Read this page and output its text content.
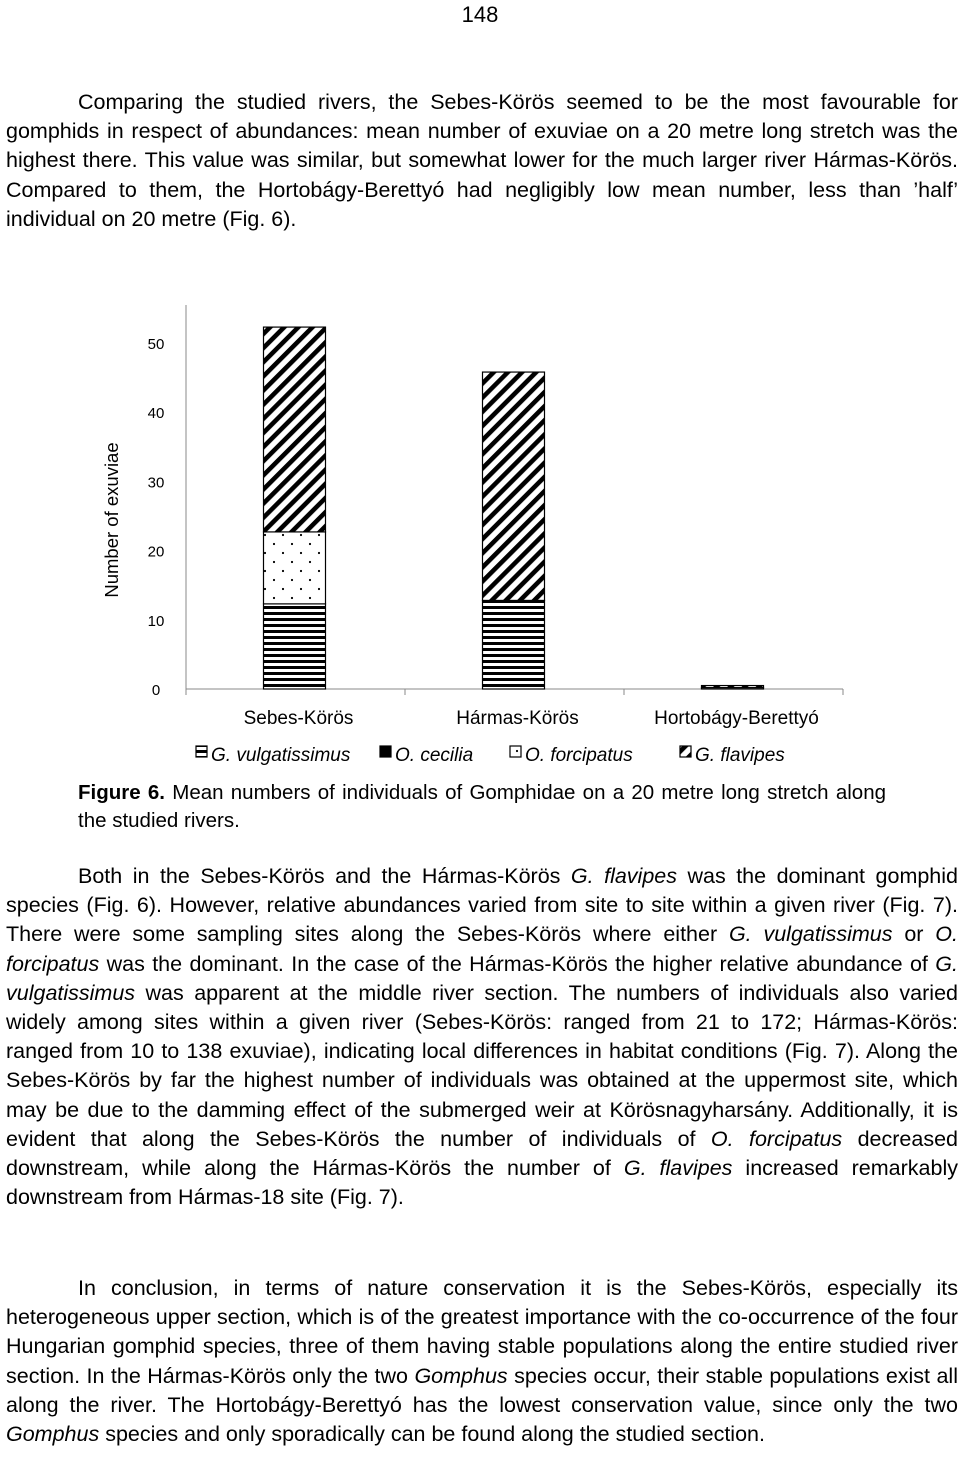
148

Comparing the studied rivers, the Sebes-Körös seemed to be the most favourable for gomphids in respect of abundances: mean number of exuviae on a 20 metre long stretch was the highest there. This value was similar, but somewhat lower for the much larger river Hármas-Körös. Compared to them, the Hortobágy-Berettyó had negligibly low mean number, less than ’half’ individual on 20 metre (Fig. 6).

0
10
20
30
40
50
Sebes-Körös	Hármas-Körös	Hortobágy-Berettyó
Number of exuviae
G. vulgatissimus O. cecilia	O. forcipatus	G. flavipes

Figure 6. Mean numbers of individuals of Gomphidae on a 20 metre long stretch along the studied rivers.

Both in the Sebes-Körös and the Hármas-Körös G. flavipes was the dominant gomphid species (Fig. 6). However, relative abundances varied from site to site within a given river (Fig. 7). There were some sampling sites along the Sebes-Körös where either G. vulgatissimus or O. forcipatus was the dominant. In the case of the Hármas-Körös the higher relative abundance of G. vulgatissimus was apparent at the middle river section. The numbers of individuals also varied widely among sites within a given river (Sebes-Körös: ranged from 21 to 172; Hármas-Körös: ranged from 10 to 138 exuviae), indicating local differences in habitat conditions (Fig. 7). Along the Sebes-Körös by far the highest number of individuals was obtained at the uppermost site, which may be due to the damming effect of the submerged weir at Körösnagyharsány. Additionally, it is evident that along the Sebes-Körös the number of individuals of O. forcipatus decreased downstream, while along the Hármas-Körös the number of G. flavipes increased remarkably downstream from Hármas-18 site (Fig. 7).

In conclusion, in terms of nature conservation it is the Sebes-Körös, especially its heterogeneous upper section, which is of the greatest importance with the co-occurrence of the four Hungarian gomphid species, three of them having stable populations along the entire studied river section. In the Hármas-Körös only the two Gomphus species occur, their stable populations exist all along the river. The Hortobágy-Berettyó has the lowest conservation value, since only the two Gomphus species and only sporadically can be found along the studied section.
